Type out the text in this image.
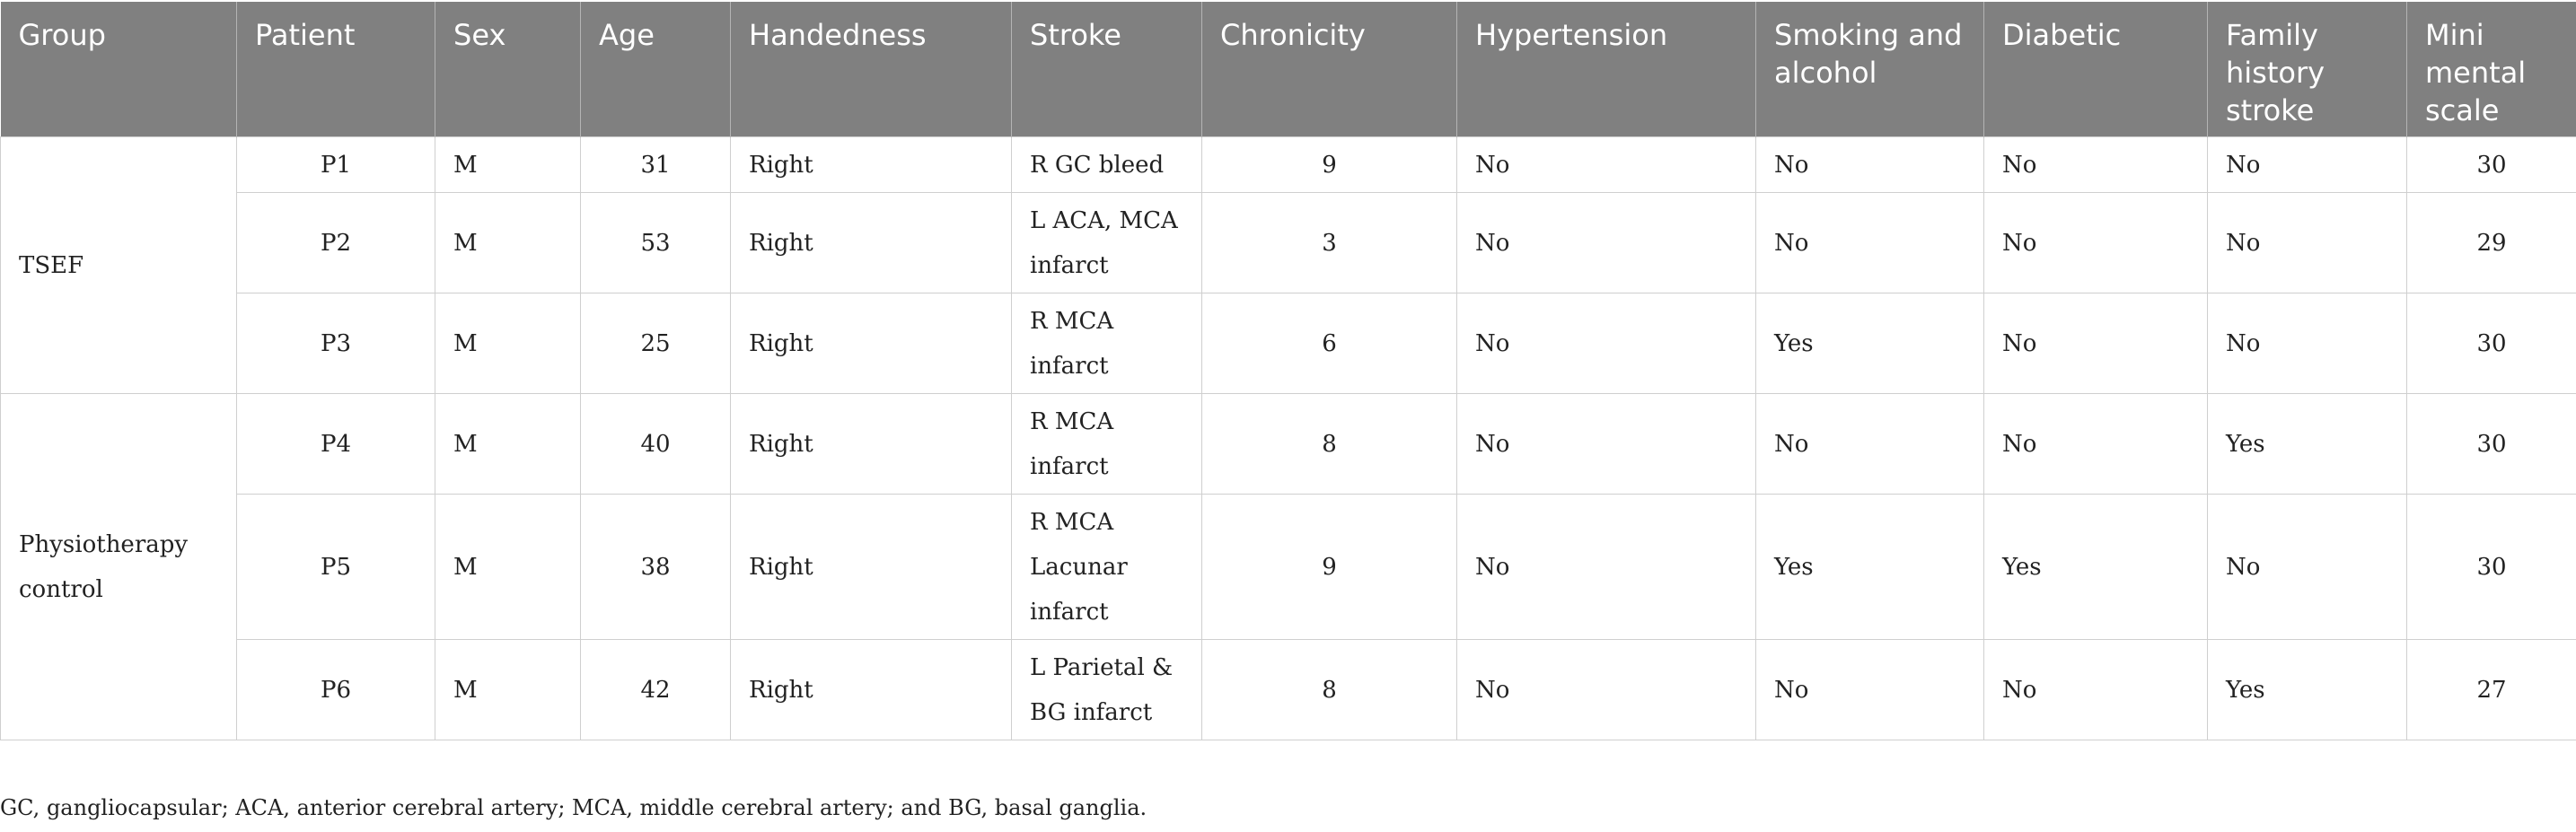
Group	Patient	Sex	Age	Handedness	Stroke	Chronicity	Hypertension	Smoking and alcohol	Diabetic	Family history stroke	Mini mental scale
TSEF	P1	M	31	Right	R GC bleed	9	No	No	No	No	30
	P2	M	53	Right	L ACA, MCA infarct	3	No	No	No	No	29
	P3	M	25	Right	R MCA infarct	6	No	Yes	No	No	30
Physiotherapy control	P4	M	40	Right	R MCA infarct	8	No	No	No	Yes	30
	P5	M	38	Right	R MCA Lacunar infarct	9	No	Yes	Yes	No	30
	P6	M	42	Right	L Parietal & BG infarct	8	No	No	No	Yes	27
GC, gangliocapsular; ACA, anterior cerebral artery; MCA, middle cerebral artery; and BG, basal ganglia.
